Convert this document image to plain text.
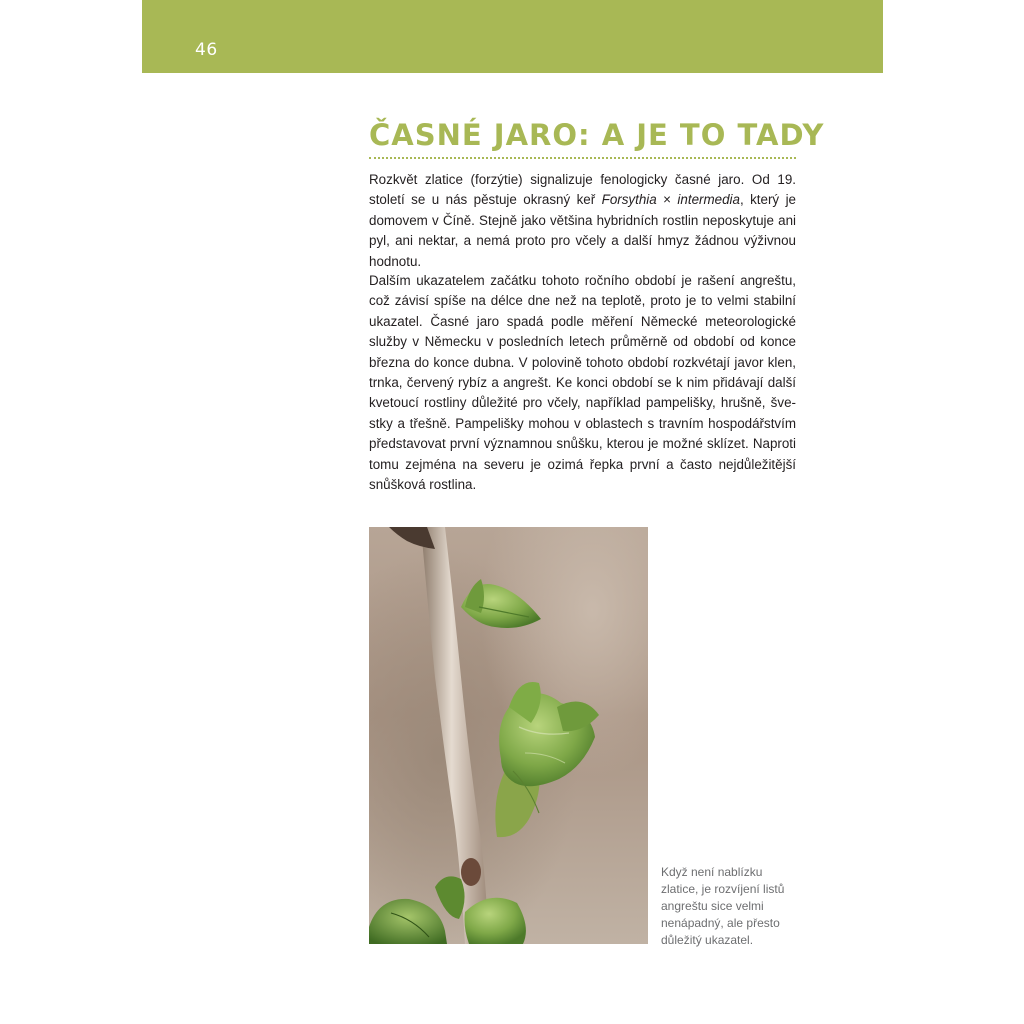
46
ČASNÉ JARO: A JE TO TADY

Rozkvět zlatice (forzýtie) signalizuje fenologicky časné jaro. Od 19. století se u nás pěstuje okrasný keř Forsythia × intermedia, který je domovem v Číně. Stejně jako většina hybridních rostlin neposkytuje ani pyl, ani nektar, a nemá proto pro včely a další hmyz žádnou výživnou hodnotu.

Dalším ukazatelem začátku tohoto ročního období je rašení angreštu, což závisí spíše na délce dne než na teplotě, proto je to velmi stabilní ukazatel. Časné jaro spadá podle měření Německé meteorologické služby v Německu v posledních letech průměrně od období od konce března do konce dubna. V polovině tohoto období rozkvétají javor klen, trnka, červený rybíz a angrešt. Ke konci období se k nim přidávají další kvetoucí rostliny důležité pro včely, například pampelišky, hrušně, švestky a třešně. Pampelišky mohou v oblastech s travním hospodářstvím představovat první významnou snůšku, kterou je možné sklízet. Naproti tomu zejména na severu je ozimá řepka první a často nejdůležitější snůšková rostlina.

Když není nablízku zlatice, je rozvíjení listů angreštu sice velmi nenápadný, ale přesto důležitý ukazatel.
